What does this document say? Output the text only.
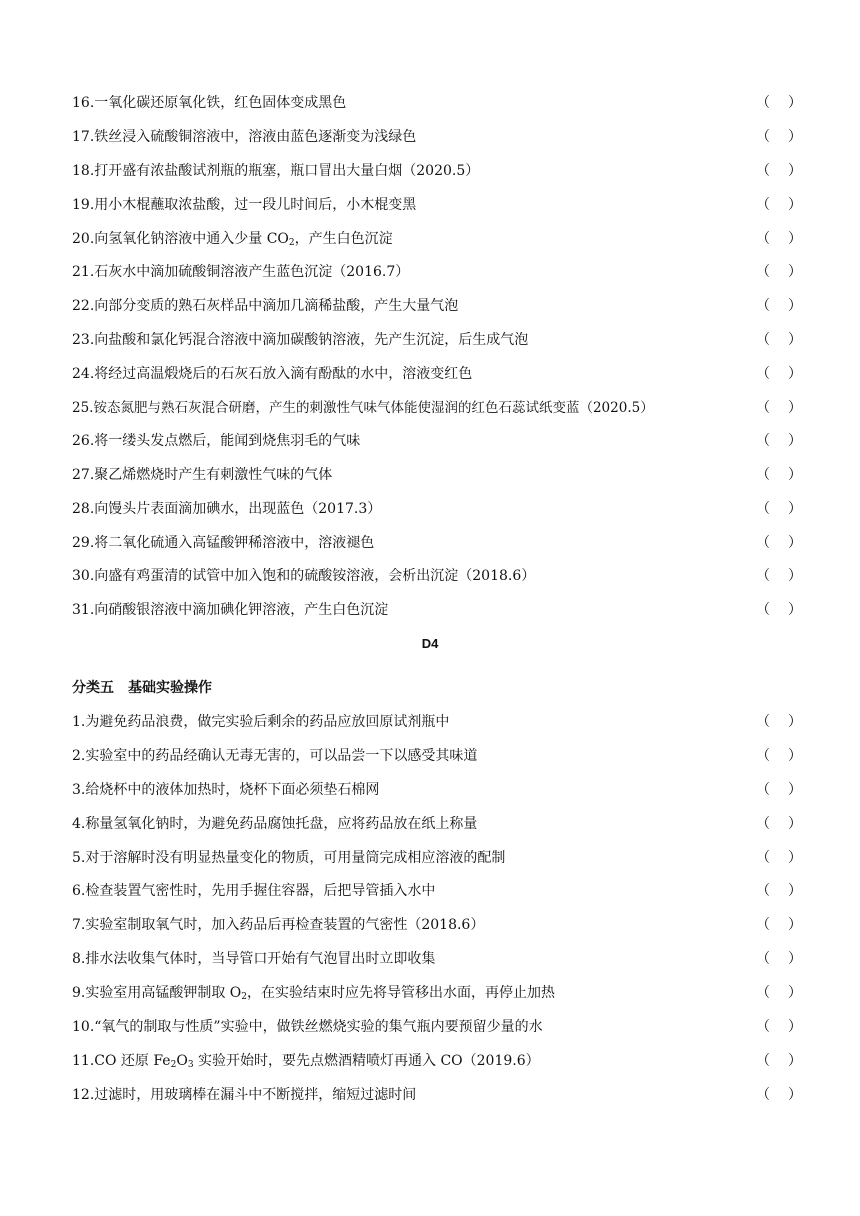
16.一氧化碳还原氧化铁，红色固体变成黑色	（ ）
17.铁丝浸入硫酸铜溶液中，溶液由蓝色逐渐变为浅绿色	（ ）
18.打开盛有浓盐酸试剂瓶的瓶塞，瓶口冒出大量白烟（2020.5）	（ ）
19.用小木棍蘸取浓盐酸，过一段儿时间后，小木棍变黑	（ ）
20.向氢氧化钠溶液中通入少量 $CO_2$，产生白色沉淀	（ ）
21.石灰水中滴加硫酸铜溶液产生蓝色沉淀（2016.7）	（ ）
22.向部分变质的熟石灰样品中滴加几滴稀盐酸，产生大量气泡	（ ）
23.向盐酸和氯化钙混合溶液中滴加碳酸钠溶液，先产生沉淀，后生成气泡	（ ）
24.将经过高温煅烧后的石灰石放入滴有酚酞的水中，溶液变红色	（ ）
25.铵态氮肥与熟石灰混合研磨，产生的刺激性气味气体能使湿润的红色石蕊试纸变蓝（2020.5）	（ ）
26.将一缕头发点燃后，能闻到烧焦羽毛的气味	（ ）
27.聚乙烯燃烧时产生有刺激性气味的气体	（ ）
28.向馒头片表面滴加碘水，出现蓝色（2017.3）	（ ）
29.将二氧化硫通入高锰酸钾稀溶液中，溶液褪色	（ ）
30.向盛有鸡蛋清的试管中加入饱和的硫酸铵溶液，会析出沉淀（2018.6）	（ ）
31.向硝酸银溶液中滴加碘化钾溶液，产生白色沉淀	（ ）
D4
分类五　基础实验操作
1.为避免药品浪费，做完实验后剩余的药品应放回原试剂瓶中	（ ）
2.实验室中的药品经确认无毒无害的，可以品尝一下以感受其味道	（ ）
3.给烧杯中的液体加热时，烧杯下面必须垫石棉网	（ ）
4.称量氢氧化钠时，为避免药品腐蚀托盘，应将药品放在纸上称量	（ ）
5.对于溶解时没有明显热量变化的物质，可用量筒完成相应溶液的配制	（ ）
6.检查装置气密性时，先用手握住容器，后把导管插入水中	（ ）
7.实验室制取氧气时，加入药品后再检查装置的气密性（2018.6）	（ ）
8.排水法收集气体时，当导管口开始有气泡冒出时立即收集	（ ）
9.实验室用高锰酸钾制取 $O_2$，在实验结束时应先将导管移出水面，再停止加热	（ ）
10.“氧气的制取与性质”实验中，做铁丝燃烧实验的集气瓶内要预留少量的水	（ ）
11.CO 还原 $Fe_2O_3$ 实验开始时，要先点燃酒精喷灯再通入 CO（2019.6）	（ ）
12.过滤时，用玻璃棒在漏斗中不断搅拌，缩短过滤时间	（ ）
